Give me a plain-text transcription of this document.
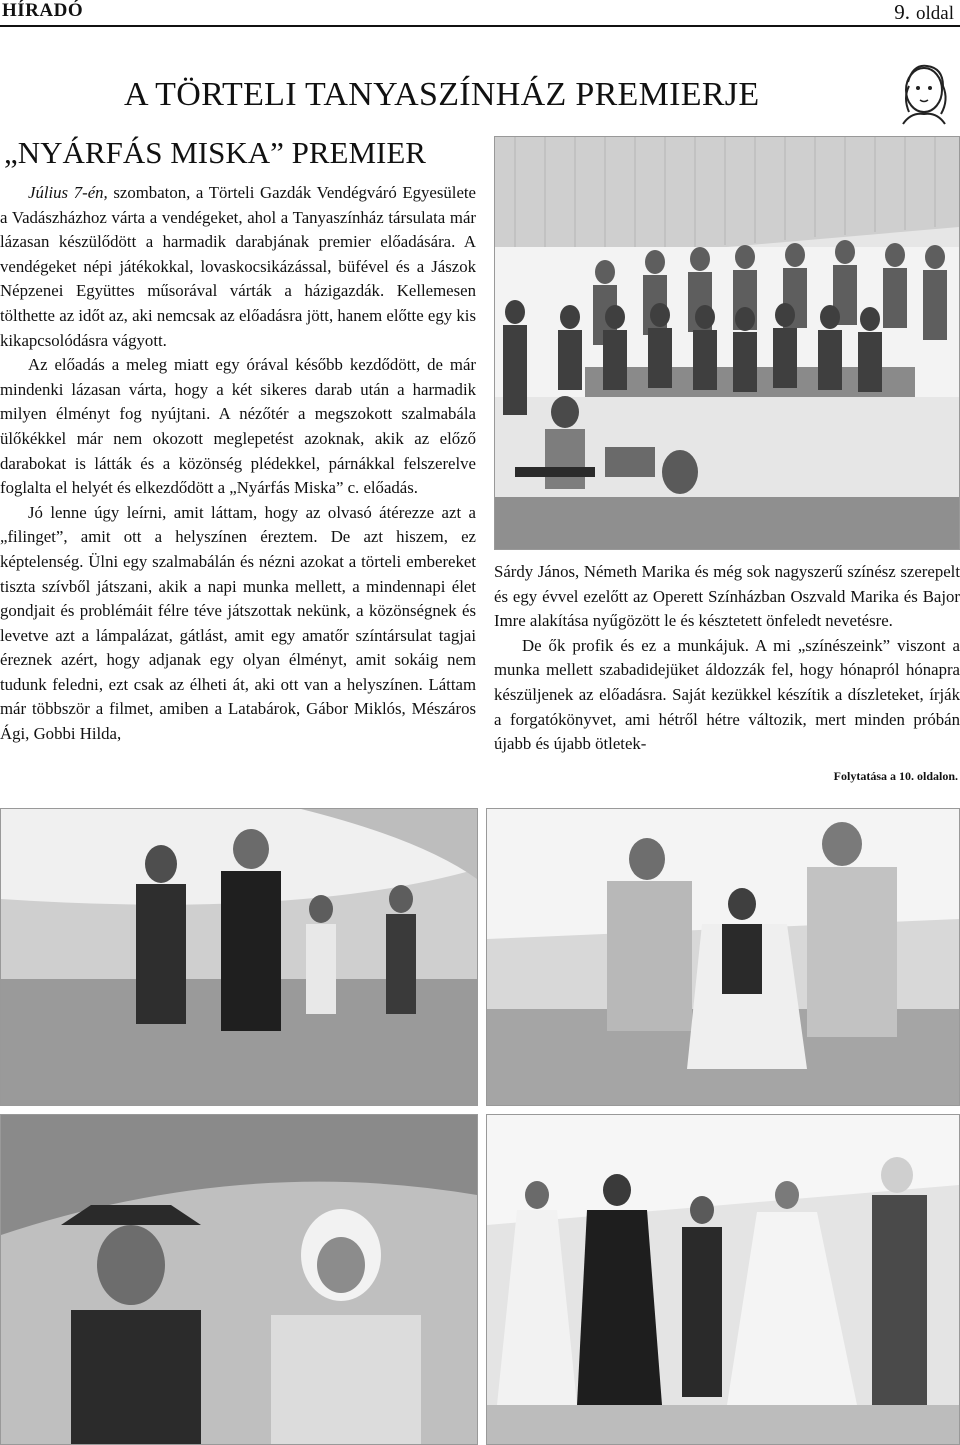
HÍRADÓ	9. oldal
A TÖRTELI TANYASZÍNHÁZ PREMIERJE
„NYÁRFÁS MISKA” PREMIER

Július 7-én, szombaton, a Törteli Gazdák Vendégváró Egyesülete a Vadászházhoz várta a vendégeket, ahol a Tanyaszínház társulata már lázasan készülődött a harmadik darabjának premier előadására. A vendégeket népi játékokkal, lovaskocsikázással, büfével és a Jászok Népzenei Együttes műsorával várták a házigazdák. Kellemesen tölthette az időt az, aki nemcsak az előadásra jött, hanem előtte egy kis kikapcsolódásra vágyott.

Az előadás a meleg miatt egy órával később kezdődött, de már mindenki lázasan várta, hogy a két sikeres darab után a harmadik milyen élményt fog nyújtani. A nézőtér a megszokott szalmabála ülőkékkel már nem okozott meglepetést azoknak, akik az előző darabokat is látták és a közönség plédekkel, párnákkal felszerelve foglalta el helyét és elkezdődött a „Nyárfás Miska” c. előadás.

Jó lenne úgy leírni, amit láttam, hogy az olvasó átérezze azt a „filinget”, amit ott a helyszínen éreztem. De azt hiszem, ez képtelenség. Ülni egy szalmabálán és nézni azokat a törteli embereket tiszta szívből játszani, akik a napi munka mellett, a mindennapi élet gondjait és problémáit félre téve játszottak nekünk, a közönségnek és levetve azt a lámpalázat, gátlást, amit egy amatőr színtársulat tagjai éreznek azért, hogy adjanak egy olyan élményt, amit sokáig nem tudunk feledni, ezt csak az élheti át, aki ott van a helyszínen. Láttam már többször a filmet, amiben a Latabárok, Gábor Miklós, Mészáros Ági, Gobbi Hilda,

Sárdy János, Németh Marika és még sok nagyszerű színész szerepelt és egy évvel ezelőtt az Operett Színházban Oszvald Marika és Bajor Imre alakítása nyűgözött le és késztetett önfeledt nevetésre.

De ők profik és ez a munkájuk. A mi „színészeink” viszont a munka mellett szabadidejüket áldozzák fel, hogy hónapról hónapra készüljenek az előadásra. Saját kezükkel készítik a díszleteket, írják a forgatókönyvet, ami hétről hétre változik, mert minden próbán újabb és újabb ötletek-

Folytatása a 10. oldalon.
